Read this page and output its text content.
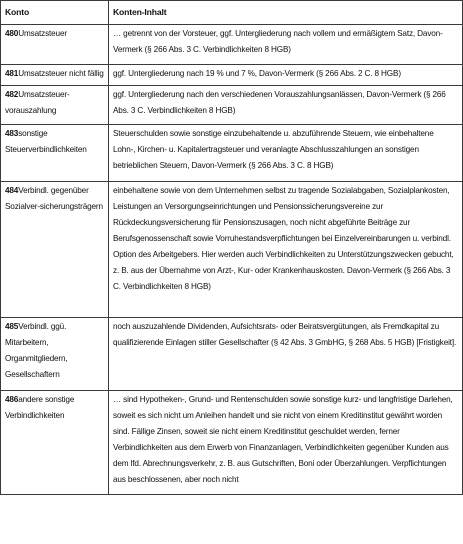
Konto	Konten-Inhalt
480Umsatzsteuer	… getrennt von der Vorsteuer, ggf. Untergliederung nach vollem und ermäßigtem Satz, Davon-Vermerk (§ 266 Abs. 3 C. Verbindlichkeiten 8 HGB)
481Umsatzsteuer nicht fällig	ggf. Untergliederung nach 19 % und 7 %, Davon-Vermerk (§ 266 Abs. 2 C. 8 HGB)
482Umsatzsteuer-vorauszahlung	ggf. Untergliederung nach den verschiedenen Vorauszahlungsanlässen, Davon-Vermerk (§ 266 Abs. 3 C. Verbindlichkeiten 8 HGB)
483sonstige Steuerverbindlichkeiten	Steuerschulden sowie sonstige einzubehaltende u. abzuführende Steuern, wie einbehaltene Lohn-, Kirchen- u. Kapitalertragsteuer und veranlagte Abschlusszahlungen an sonstigen betrieblichen Steuern, Davon-Vermerk (§ 266 Abs. 3 C. 8 HGB)
484Verbindl. gegenüber Sozialver-sicherungsträgern	einbehaltene sowie von dem Unternehmen selbst zu tragende Sozialabgaben, Sozialplankosten, Leistungen an Versorgungseinrichtungen und Pensionssicherungsvereine zur Rückdeckungsversicherung für Pensionszusagen, noch nicht abgeführte Beiträge zur Berufsgenossenschaft sowie Vorruhestandsverpflichtungen bei Einzelvereinbarungen u. verbindl. Option des Arbeitgebers. Hier werden auch Verbindlichkeiten zu Unterstützungszwecken gebucht, z. B. aus der Übernahme von Arzt-, Kur- oder Krankenhauskosten. Davon-Vermerk (§ 266 Abs. 3 C. Verbindlichkeiten 8 HGB)
485Verbindl. ggü. Mitarbeitern, Organmitgliedern, Gesellschaftern	noch auszuzahlende Dividenden, Aufsichtsrats- oder Beiratsvergütungen, als Fremdkapital zu qualifizierende Einlagen stiller Gesellschafter (§ 42 Abs. 3 GmbHG, § 268 Abs. 5 HGB) [Fristigkeit].
486andere sonstige Verbindlichkeiten	… sind Hypotheken-, Grund- und Rentenschulden sowie sonstige kurz- und langfristige Darlehen, soweit es sich nicht um Anleihen handelt und sie nicht von einem Kreditinstitut gewährt worden sind. Fällige Zinsen, soweit sie nicht einem Kreditinstitut geschuldet werden, ferner Verbindlichkeiten aus dem Erwerb von Finanzanlagen, Verbindlichkeiten gegenüber Kunden aus dem lfd. Abrechnungsverkehr, z. B. aus Gutschriften, Boni oder Überzahlungen. Verpflichtungen aus beschlossenen, aber noch nicht
